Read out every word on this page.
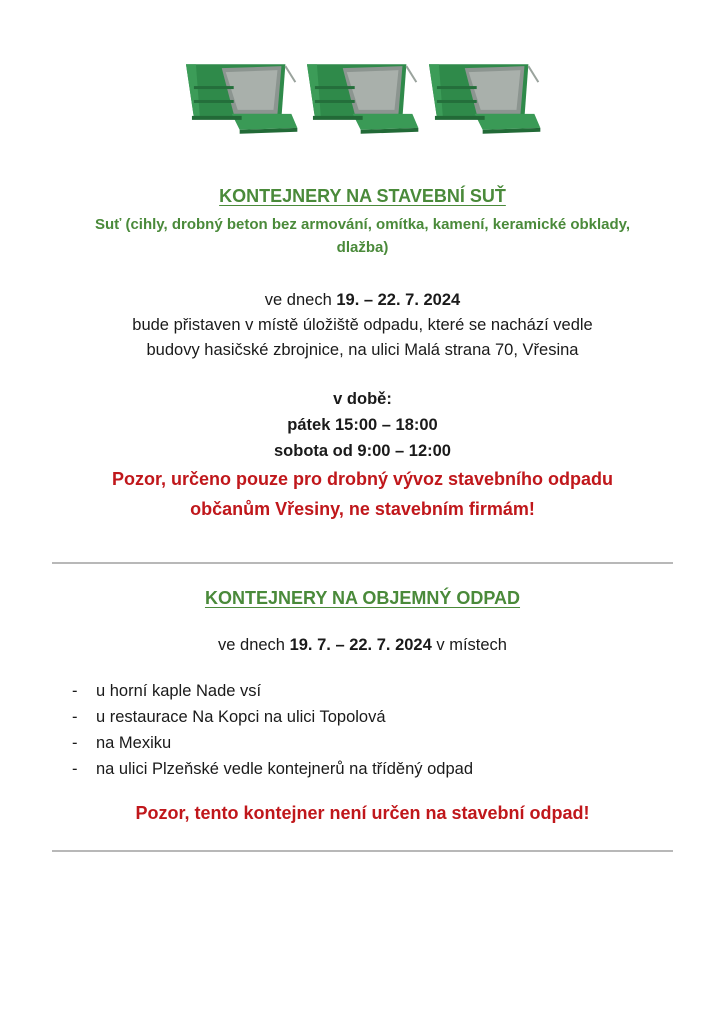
KONTEJNERY NA STAVEBNÍ SUŤ
Suť (cihly, drobný beton bez armování, omítka, kamení, keramické obklady,
dlažba)
ve dnech 19. – 22. 7. 2024
bude přistaven v místě úložiště odpadu, které se nachází vedle
budovy hasičské zbrojnice, na ulici Malá strana 70, Vřesina
v době:
pátek 15:00 – 18:00
sobota od 9:00 – 12:00
Pozor, určeno pouze pro drobný vývoz stavebního odpadu
občanům Vřesiny, ne stavebním firmám!
KONTEJNERY NA OBJEMNÝ ODPAD
ve dnech 19. 7. – 22. 7. 2024 v místech
-	u horní kaple Nade vsí
-	u restaurace Na Kopci na ulici Topolová
-	na Mexiku
-	na ulici Plzeňské vedle kontejnerů na tříděný odpad
Pozor, tento kontejner není určen na stavební odpad!
